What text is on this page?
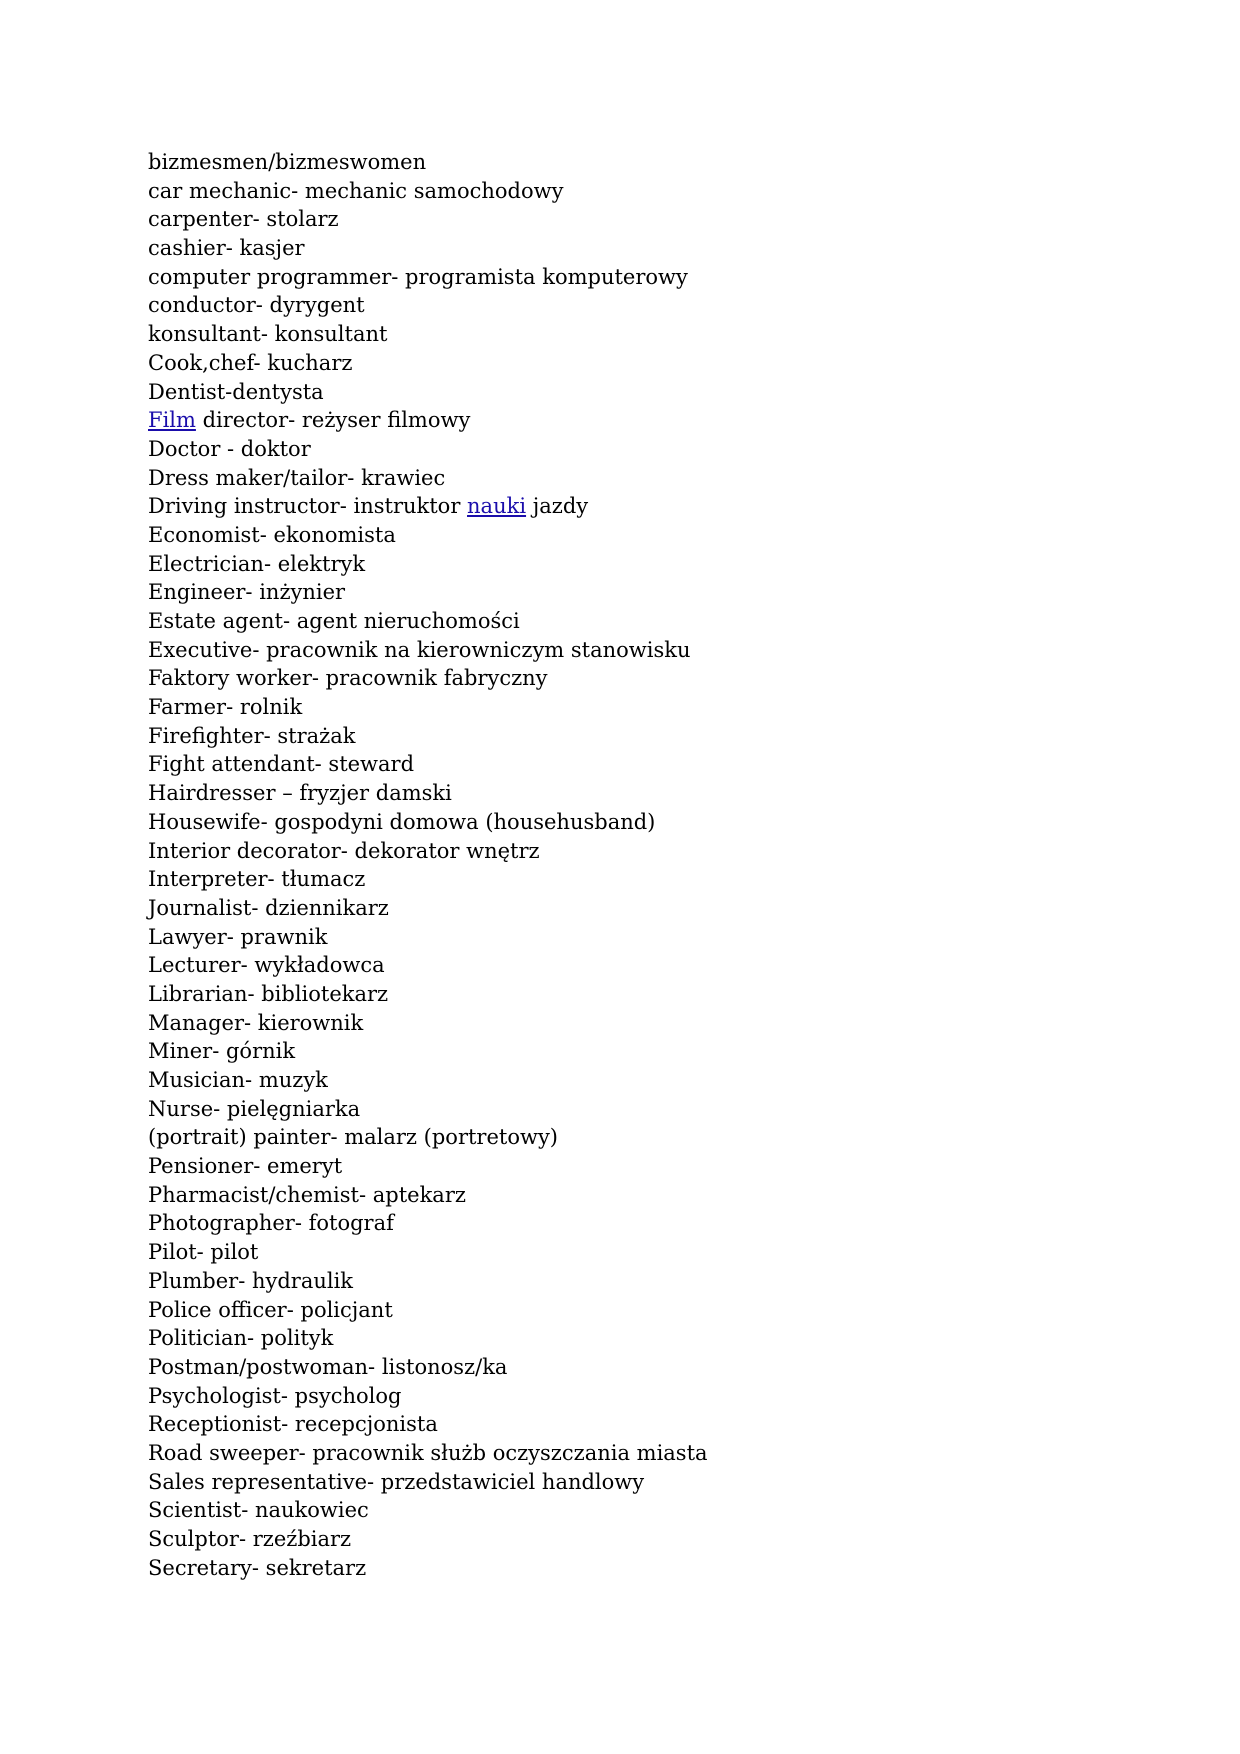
bizmesmen/bizmeswomen
car mechanic- mechanic samochodowy
carpenter- stolarz
cashier- kasjer
computer programmer- programista komputerowy
conductor- dyrygent
konsultant- konsultant
Cook,chef- kucharz
Dentist-dentysta
Film director- reżyser filmowy
Doctor - doktor
Dress maker/tailor- krawiec
Driving instructor- instruktor nauki jazdy
Economist- ekonomista
Electrician- elektryk
Engineer- inżynier
Estate agent- agent nieruchomości
Executive- pracownik na kierowniczym stanowisku
Faktory worker- pracownik fabryczny
Farmer- rolnik
Firefighter- strażak
Fight attendant- steward
Hairdresser – fryzjer damski
Housewife- gospodyni domowa (househusband)
Interior decorator- dekorator wnętrz
Interpreter- tłumacz
Journalist- dziennikarz
Lawyer- prawnik
Lecturer- wykładowca
Librarian- bibliotekarz
Manager- kierownik
Miner- górnik
Musician- muzyk
Nurse- pielęgniarka
(portrait) painter- malarz (portretowy)
Pensioner- emeryt
Pharmacist/chemist- aptekarz
Photographer- fotograf
Pilot- pilot
Plumber- hydraulik
Police officer- policjant
Politician- polityk
Postman/postwoman- listonosz/ka
Psychologist- psycholog
Receptionist- recepcjonista
Road sweeper- pracownik służb oczyszczania miasta
Sales representative- przedstawiciel handlowy
Scientist- naukowiec
Sculptor- rzeźbiarz
Secretary- sekretarz
